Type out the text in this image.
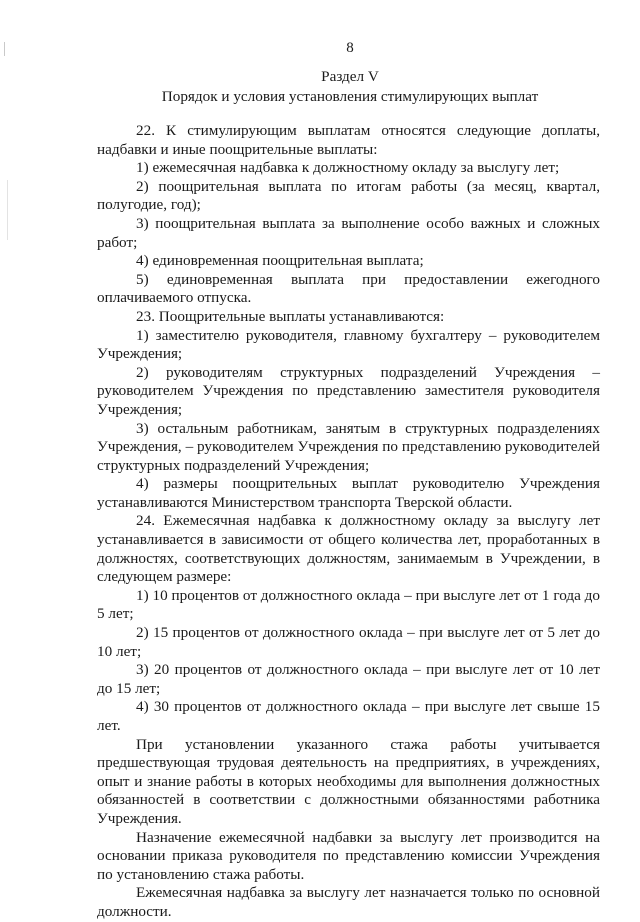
8
Раздел V
Порядок и условия установления стимулирующих выплат

22. К стимулирующим выплатам относятся следующие доплаты, надбавки и иные поощрительные выплаты:

1) ежемесячная надбавка к должностному окладу за выслугу лет;

2) поощрительная выплата по итогам работы (за месяц, квартал, полугодие, год);

3) поощрительная выплата за выполнение особо важных и сложных работ;

4) единовременная поощрительная выплата;

5) единовременная выплата при предоставлении ежегодного оплачиваемого отпуска.

23. Поощрительные выплаты устанавливаются:

1) заместителю руководителя, главному бухгалтеру – руководителем Учреждения;

2) руководителям структурных подразделений Учреждения – руководителем Учреждения по представлению заместителя руководителя Учреждения;

3) остальным работникам, занятым в структурных подразделениях Учреждения, – руководителем Учреждения по представлению руководителей структурных подразделений Учреждения;

4) размеры поощрительных выплат руководителю Учреждения устанавливаются Министерством транспорта Тверской области.

24. Ежемесячная надбавка к должностному окладу за выслугу лет устанавливается в зависимости от общего количества лет, проработанных в должностях, соответствующих должностям, занимаемым в Учреждении, в следующем размере:

1) 10 процентов от должностного оклада – при выслуге лет от 1 года до 5 лет;

2) 15 процентов от должностного оклада – при выслуге лет от 5 лет до 10 лет;

3) 20 процентов от должностного оклада – при выслуге лет от 10 лет до 15 лет;

4) 30 процентов от должностного оклада – при выслуге лет свыше 15 лет.

При установлении указанного стажа работы учитывается предшествующая трудовая деятельность на предприятиях, в учреждениях, опыт и знание работы в которых необходимы для выполнения должностных обязанностей в соответствии с должностными обязанностями работника Учреждения.

Назначение ежемесячной надбавки за выслугу лет производится на основании приказа руководителя по представлению комиссии Учреждения по установлению стажа работы.

Ежемесячная надбавка за выслугу лет назначается только по основной должности.
